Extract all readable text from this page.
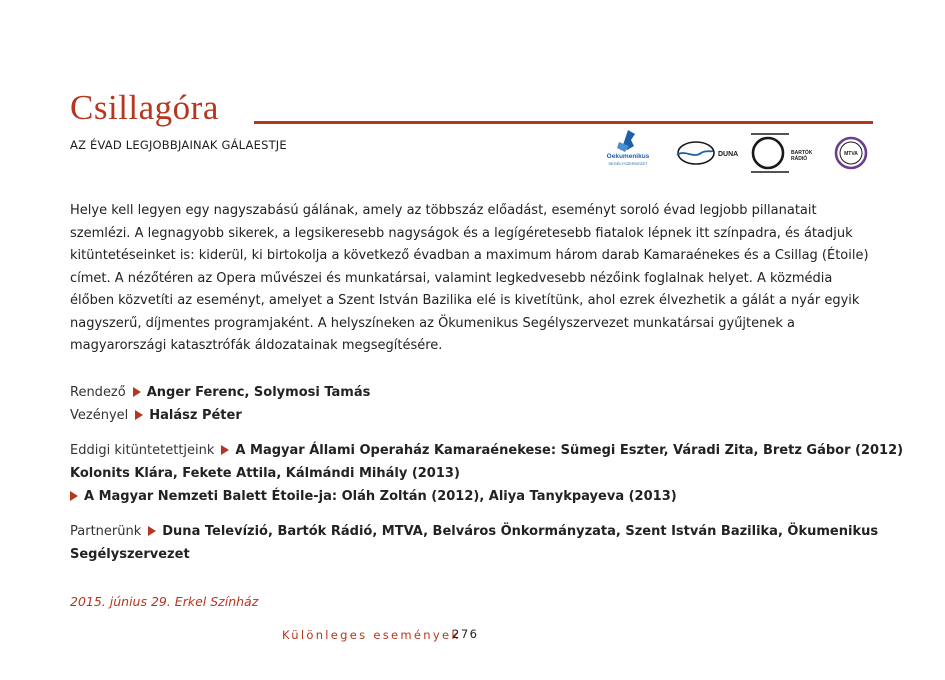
Csillagóra
AZ ÉVAD LEGJOBBJAINAK GÁLAESTJE
Oekumenikus
SEGÉLYSZERVEZET
DUNA	BARTÓK
RÁDIÓ
MTVA

Helye kell legyen egy nagyszabású gálának, amely az többszáz előadást, eseményt soroló évad legjobb pillanatait szemlézi. A legnagyobb sikerek, a legsikeresebb nagyságok és a legígéretesebb fiatalok lépnek itt színpadra, és átadjuk kitüntetéseinket is: kiderül, ki birtokolja a következő évadban a maximum három darab Kamaraénekes és a Csillag (Étoile) címet. A nézőtéren az Opera művészei és munkatársai, valamint legkedvesebb nézőink foglalnak helyet. A közmédia élőben közvetíti az eseményt, amelyet a Szent István Bazilika elé is kivetítünk, ahol ezrek élvezhetik a gálát a nyár egyik nagyszerű, díjmentes programjaként. A helyszíneken az Ökumenikus Segélyszervezet munkatársai gyűjtenek a magyarországi katasztrófák áldozatainak megsegítésére.

Rendező Anger Ferenc, Solymosi Tamás
Vezényel Halász Péter
Eddigi kitüntetettjeink A Magyar Állami Operaház Kamaraénekese: Sümegi Eszter, Váradi Zita, Bretz Gábor (2012)
Kolonits Klára, Fekete Attila, Kálmándi Mihály (2013)
A Magyar Nemzeti Balett Étoile-ja: Oláh Zoltán (2012), Aliya Tanykpayeva (2013)
Partnerünk Duna Televízió, Bartók Rádió, MTVA, Belváros Önkormányzata, Szent István Bazilika, Ökumenikus
Segélyszervezet
2015. június 29. Erkel Színház
Különleges események
276
